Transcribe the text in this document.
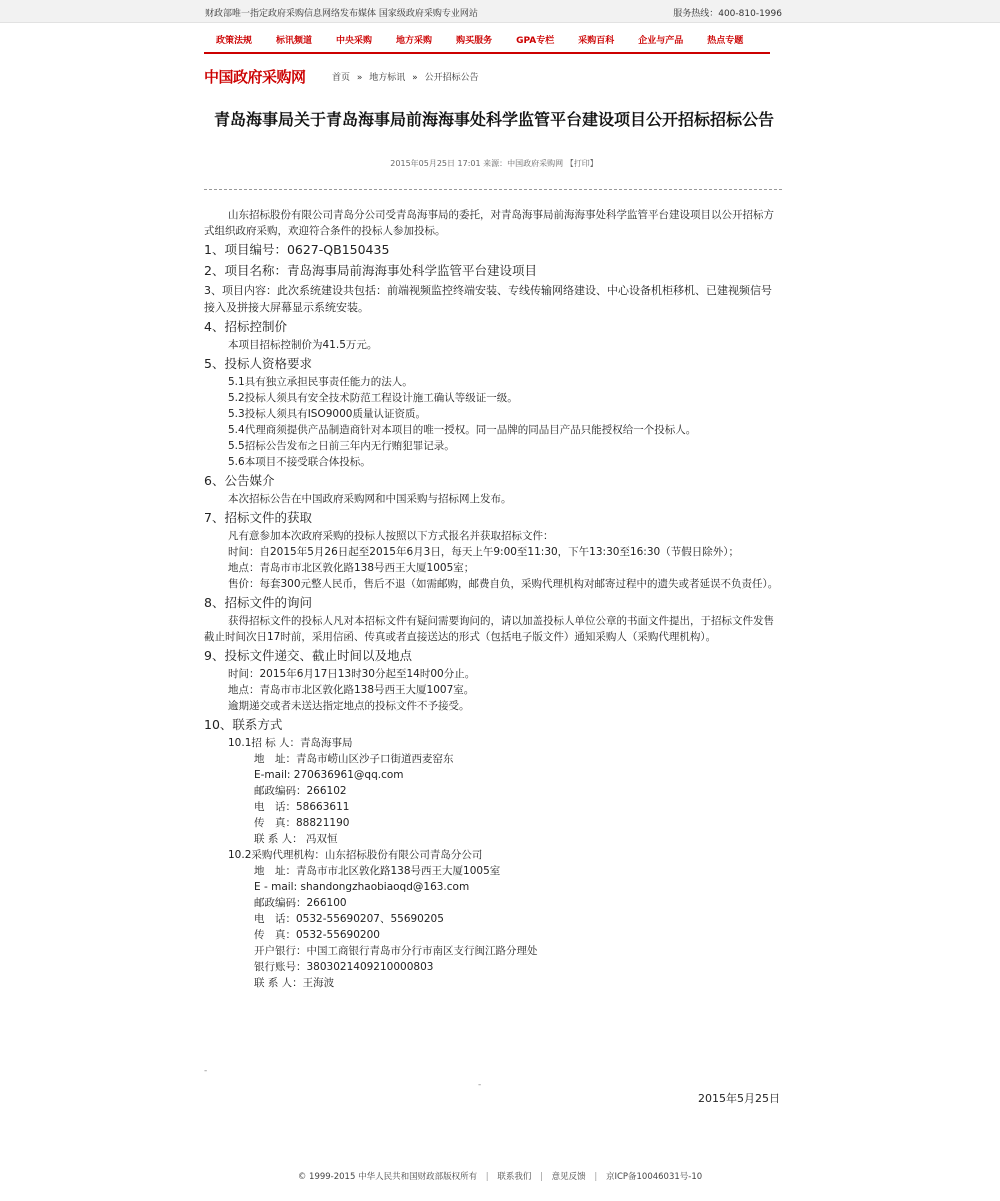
财政部唯一指定政府采购信息网络发布媒体 国家级政府采购专业网站	服务热线：400-810-1996
政策法规	标讯频道	中央采购	地方采购	购买服务	GPA专栏	采购百科	企业与产品	热点专题
中国政府采购网	首页 » 地方标讯 » 公开招标公告
青岛海事局关于青岛海事局前海海事处科学监管平台建设项目公开招标招标公告
2015年05月25日 17:01 来源：中国政府采购网 【打印】

山东招标股份有限公司青岛分公司受青岛海事局的委托，对青岛海事局前海海事处科学监管平台建设项目以公开招标方式组织政府采购，欢迎符合条件的投标人参加投标。

1、项目编号：0627-QB150435

2、项目名称：青岛海事局前海海事处科学监管平台建设项目

3、项目内容：此次系统建设共包括：前端视频监控终端安装、专线传输网络建设、中心设备机柜移机、已建视频信号接入及拼接大屏幕显示系统安装。

4、招标控制价

本项目招标控制价为41.5万元。

5、投标人资格要求

5.1具有独立承担民事责任能力的法人。

5.2投标人须具有安全技术防范工程设计施工确认等级证一级。

5.3投标人须具有ISO9000质量认证资质。

5.4代理商须提供产品制造商针对本项目的唯一授权。同一品牌的同品目产品只能授权给一个投标人。

5.5招标公告发布之日前三年内无行贿犯罪记录。

5.6本项目不接受联合体投标。

6、公告媒介

本次招标公告在中国政府采购网和中国采购与招标网上发布。

7、招标文件的获取

凡有意参加本次政府采购的投标人按照以下方式报名并获取招标文件：

时间：自2015年5月26日起至2015年6月3日，每天上午9:00至11:30，下午13:30至16:30（节假日除外）；

地点：青岛市市北区敦化路138号西王大厦1005室；

售价：每套300元整人民币，售后不退（如需邮购，邮费自负，采购代理机构对邮寄过程中的遗失或者延误不负责任）。

8、招标文件的询问

获得招标文件的投标人凡对本招标文件有疑问需要询问的，请以加盖投标人单位公章的书面文件提出，于招标文件发售截止时间次日17时前，采用信函、传真或者直接送达的形式（包括电子版文件）通知采购人（采购代理机构）。

9、投标文件递交、截止时间以及地点

时间：2015年6月17日13时30分起至14时00分止。

地点：青岛市市北区敦化路138号西王大厦1007室。

逾期递交或者未送达指定地点的投标文件不予接受。

10、联系方式

10.1招 标 人：青岛海事局

地　址：青岛市崂山区沙子口街道西麦窑东

E-mail: 270636961@qq.com

邮政编码：266102

电　话：58663611

传　真：88821190

联 系 人： 冯双恒

10.2采购代理机构：山东招标股份有限公司青岛分公司

地　址：青岛市市北区敦化路138号西王大厦1005室

E - mail: shandongzhaobiaoqd@163.com

邮政编码：266100

电　话：0532-55690207、55690205

传　真：0532-55690200

开户银行：中国工商银行青岛市分行市南区支行闽江路分理处

银行账号：3803021409210000803

联 系 人：王海波

-
-
2015年5月25日
© 1999-2015 中华人民共和国财政部版权所有 | 联系我们 | 意见反馈 | 京ICP备10046031号-10
